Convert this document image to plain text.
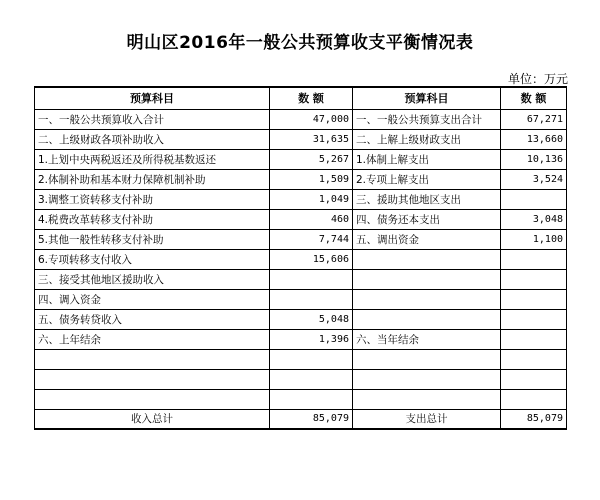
明山区2016年一般公共预算收支平衡情况表
单位：万元
预算科目	数 额	预算科目	数 额
一、一般公共预算收入合计	47,000	一、一般公共预算支出合计	67,271
二、上级财政各项补助收入	31,635	二、上解上级财政支出	13,660
1.上划中央两税返还及所得税基数返还	5,267	1.体制上解支出	10,136
2.体制补助和基本财力保障机制补助	1,509	2.专项上解支出	3,524
3.调整工资转移支付补助	1,049	三、援助其他地区支出	
4.税费改革转移支付补助	460	四、债务还本支出	3,048
5.其他一般性转移支付补助	7,744	五、调出资金	1,100
6.专项转移支付收入	15,606		
三、接受其他地区援助收入			
四、调入资金			
五、债务转贷收入	5,048		
六、上年结余	1,396	六、当年结余	

收入总计	85,079	支出总计	85,079
